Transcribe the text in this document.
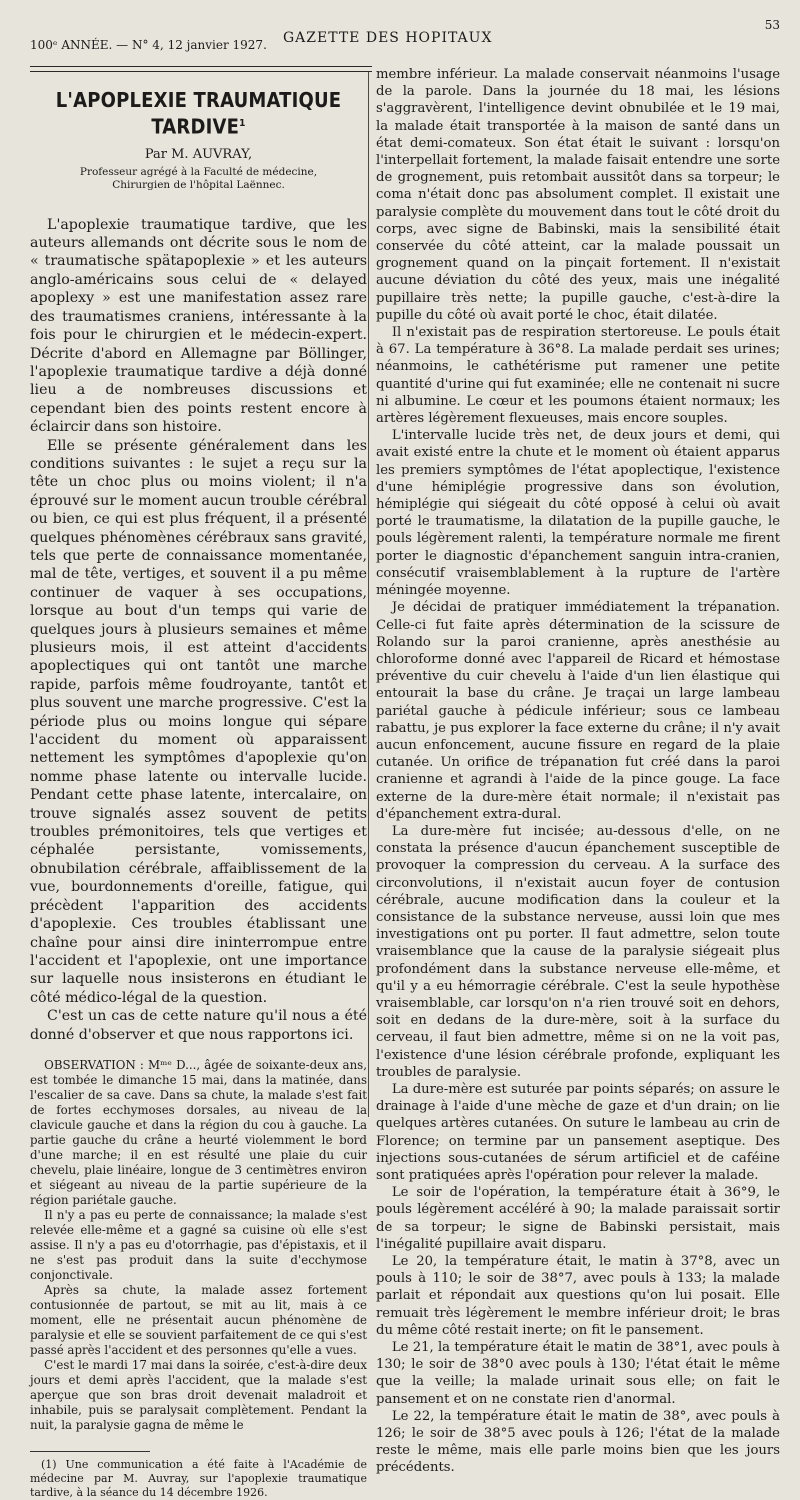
100ᵉ ANNÉE. — N° 4, 12 janvier 1927. GAZETTE DES HOPITAUX
53
L'APOPLEXIE TRAUMATIQUE TARDIVE$^1$
Par M. AUVRAY,
Professeur agrégé à la Faculté de médecine,
Chirurgien de l'hôpital Laënnec.

L'apoplexie traumatique tardive, que les auteurs allemands ont décrite sous le nom de « traumatische spätapoplexie » et les auteurs anglo-américains sous celui de « delayed apoplexy » est une manifestation assez rare des traumatismes craniens, intéressante à la fois pour le chirurgien et le médecin-expert. Décrite d'abord en Allemagne par Böllinger, l'apoplexie traumatique tardive a déjà donné lieu a de nombreuses discussions et cependant bien des points restent encore à éclaircir dans son histoire.

Elle se présente généralement dans les conditions suivantes : le sujet a reçu sur la tête un choc plus ou moins violent; il n'a éprouvé sur le moment aucun trouble cérébral ou bien, ce qui est plus fréquent, il a présenté quelques phénomènes cérébraux sans gravité, tels que perte de connaissance momentanée, mal de tête, vertiges, et souvent il a pu même continuer de vaquer à ses occupations, lorsque au bout d'un temps qui varie de quelques jours à plusieurs semaines et même plusieurs mois, il est atteint d'accidents apoplectiques qui ont tantôt une marche rapide, parfois même foudroyante, tantôt et plus souvent une marche progressive. C'est la période plus ou moins longue qui sépare l'accident du moment où apparaissent nettement les symptômes d'apoplexie qu'on nomme phase latente ou intervalle lucide. Pendant cette phase latente, intercalaire, on trouve signalés assez souvent de petits troubles prémonitoires, tels que vertiges et céphalée persistante, vomissements, obnubilation cérébrale, affaiblissement de la vue, bourdonnements d'oreille, fatigue, qui précèdent l'apparition des accidents d'apoplexie. Ces troubles établissant une chaîne pour ainsi dire ininterrompue entre l'accident et l'apoplexie, ont une importance sur laquelle nous insisterons en étudiant le côté médico-légal de la question.

C'est un cas de cette nature qu'il nous a été donné d'observer et que nous rapportons ici.

OBSERVATION : Mᵐᵉ D..., âgée de soixante-deux ans, est tombée le dimanche 15 mai, dans la matinée, dans l'escalier de sa cave. Dans sa chute, la malade s'est fait de fortes ecchymoses dorsales, au niveau de la clavicule gauche et dans la région du cou à gauche. La partie gauche du crâne a heurté violemment le bord d'une marche; il en est résulté une plaie du cuir chevelu, plaie linéaire, longue de 3 centimètres environ et siégeant au niveau de la partie supérieure de la région pariétale gauche.

Il n'y a pas eu perte de connaissance; la malade s'est relevée elle-même et a gagné sa cuisine où elle s'est assise. Il n'y a pas eu d'otorrhagie, pas d'épistaxis, et il ne s'est pas produit dans la suite d'ecchymose conjonctivale.

Après sa chute, la malade assez fortement contusionnée de partout, se mit au lit, mais à ce moment, elle ne présentait aucun phénomène de paralysie et elle se souvient parfaitement de ce qui s'est passé après l'accident et des personnes qu'elle a vues.

C'est le mardi 17 mai dans la soirée, c'est-à-dire deux jours et demi après l'accident, que la malade s'est aperçue que son bras droit devenait maladroit et inhabile, puis se paralysait complètement. Pendant la nuit, la paralysie gagna de même le

(1) Une communication a été faite à l'Académie de médecine par M. Auvray, sur l'apoplexie traumatique tardive, à la séance du 14 décembre 1926.

membre inférieur. La malade conservait néanmoins l'usage de la parole. Dans la journée du 18 mai, les lésions s'aggravèrent, l'intelligence devint obnubilée et le 19 mai, la malade était transportée à la maison de santé dans un état demi-comateux. Son état était le suivant : lorsqu'on l'interpellait fortement, la malade faisait entendre une sorte de grognement, puis retombait aussitôt dans sa torpeur; le coma n'était donc pas absolument complet. Il existait une paralysie complète du mouvement dans tout le côté droit du corps, avec signe de Babinski, mais la sensibilité était conservée du côté atteint, car la malade poussait un grognement quand on la pinçait fortement. Il n'existait aucune déviation du côté des yeux, mais une inégalité pupillaire très nette; la pupille gauche, c'est-à-dire la pupille du côté où avait porté le choc, était dilatée.

Il n'existait pas de respiration stertoreuse. Le pouls était à 67. La température à 36°8. La malade perdait ses urines; néanmoins, le cathétérisme put ramener une petite quantité d'urine qui fut examinée; elle ne contenait ni sucre ni albumine. Le cœur et les poumons étaient normaux; les artères légèrement flexueuses, mais encore souples.

L'intervalle lucide très net, de deux jours et demi, qui avait existé entre la chute et le moment où étaient apparus les premiers symptômes de l'état apoplectique, l'existence d'une hémiplégie progressive dans son évolution, hémiplégie qui siégeait du côté opposé à celui où avait porté le traumatisme, la dilatation de la pupille gauche, le pouls légèrement ralenti, la température normale me firent porter le diagnostic d'épanchement sanguin intra-cranien, consécutif vraisemblablement à la rupture de l'artère méningée moyenne.

Je décidai de pratiquer immédiatement la trépanation. Celle-ci fut faite après détermination de la scissure de Rolando sur la paroi cranienne, après anesthésie au chloroforme donné avec l'appareil de Ricard et hémostase préventive du cuir chevelu à l'aide d'un lien élastique qui entourait la base du crâne. Je traçai un large lambeau pariétal gauche à pédicule inférieur; sous ce lambeau rabattu, je pus explorer la face externe du crâne; il n'y avait aucun enfoncement, aucune fissure en regard de la plaie cutanée. Un orifice de trépanation fut créé dans la paroi cranienne et agrandi à l'aide de la pince gouge. La face externe de la dure-mère était normale; il n'existait pas d'épanchement extra-dural.

La dure-mère fut incisée; au-dessous d'elle, on ne constata la présence d'aucun épanchement susceptible de provoquer la compression du cerveau. A la surface des circonvolutions, il n'existait aucun foyer de contusion cérébrale, aucune modification dans la couleur et la consistance de la substance nerveuse, aussi loin que mes investigations ont pu porter. Il faut admettre, selon toute vraisemblance que la cause de la paralysie siégeait plus profondément dans la substance nerveuse elle-même, et qu'il y a eu hémorragie cérébrale. C'est la seule hypothèse vraisemblable, car lorsqu'on n'a rien trouvé soit en dehors, soit en dedans de la dure-mère, soit à la surface du cerveau, il faut bien admettre, même si on ne la voit pas, l'existence d'une lésion cérébrale profonde, expliquant les troubles de paralysie.

La dure-mère est suturée par points séparés; on assure le drainage à l'aide d'une mèche de gaze et d'un drain; on lie quelques artères cutanées. On suture le lambeau au crin de Florence; on termine par un pansement aseptique. Des injections sous-cutanées de sérum artificiel et de caféine sont pratiquées après l'opération pour relever la malade.

Le soir de l'opération, la température était à 36°9, le pouls légèrement accéléré à 90; la malade paraissait sortir de sa torpeur; le signe de Babinski persistait, mais l'inégalité pupillaire avait disparu.

Le 20, la température était, le matin à 37°8, avec un pouls à 110; le soir de 38°7, avec pouls à 133; la malade parlait et répondait aux questions qu'on lui posait. Elle remuait très légèrement le membre inférieur droit; le bras du même côté restait inerte; on fit le pansement.

Le 21, la température était le matin de 38°1, avec pouls à 130; le soir de 38°0 avec pouls à 130; l'état était le même que la veille; la malade urinait sous elle; on fait le pansement et on ne constate rien d'anormal.

Le 22, la température était le matin de 38°, avec pouls à 126; le soir de 38°5 avec pouls à 126; l'état de la malade reste le même, mais elle parle moins bien que les jours précédents.
